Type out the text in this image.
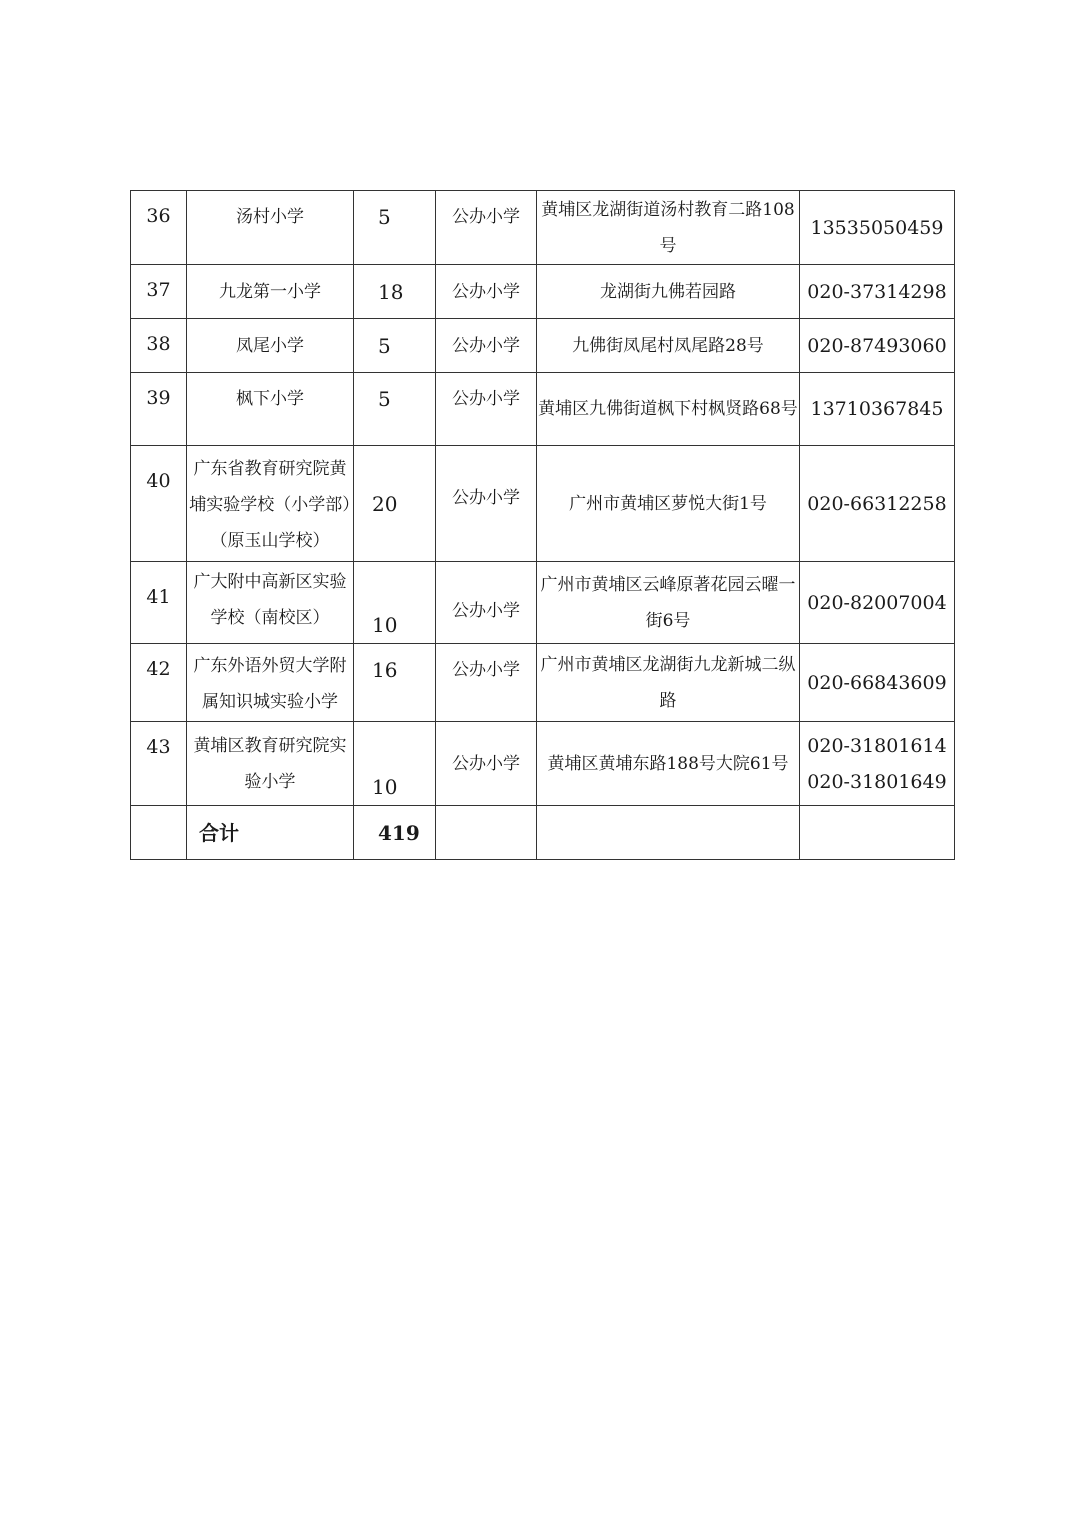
36	汤村小学	5	公办小学	黄埔区龙湖街道汤村教育二路108号	13535050459

37	九龙第一小学	18	公办小学	龙湖街九佛若园路	020-37314298

38	凤尾小学	5	公办小学	九佛街凤尾村凤尾路28号	020-87493060

39	枫下小学	5	公办小学	黄埔区九佛街道枫下村枫贤路68号	13710367845

40	广东省教育研究院黄埔实验学校（小学部）（原玉山学校）	20	公办小学	广州市黄埔区萝悦大街1号	020-66312258

41	广大附中高新区实验学校（南校区）	10	公办小学	广州市黄埔区云峰原著花园云曜一街6号	020-82007004

42	广东外语外贸大学附属知识城实验小学	16	公办小学	广州市黄埔区龙湖街九龙新城二纵路	020-66843609

43	黄埔区教育研究院实验小学	10	公办小学	黄埔区黄埔东路188号大院61号	020-31801614
020-31801649

	合计	419			
